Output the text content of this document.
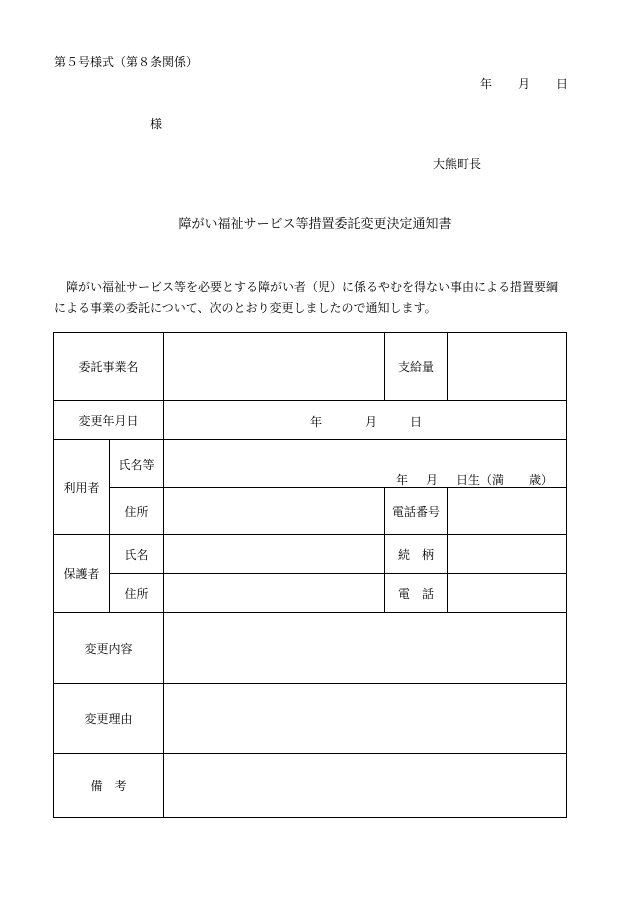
第５号様式（第８条関係）
年	月	日
様
大熊町長
障がい福祉サービス等措置委託変更決定通知書

障がい福祉サービス等を必要とする障がい者（児）に係るやむを得ない事由による措置要綱

による事業の委託について、次のとおり変更しましたので通知します。

委託事業名			支給量	
変更年月日		年 月 日		

利用者	氏名等	年 月 日生（満 歳）		

	住所		電話番号	
保護者	氏名		続　柄	
	住所		電　話	
変更内容				
変更理由				
備　考				
